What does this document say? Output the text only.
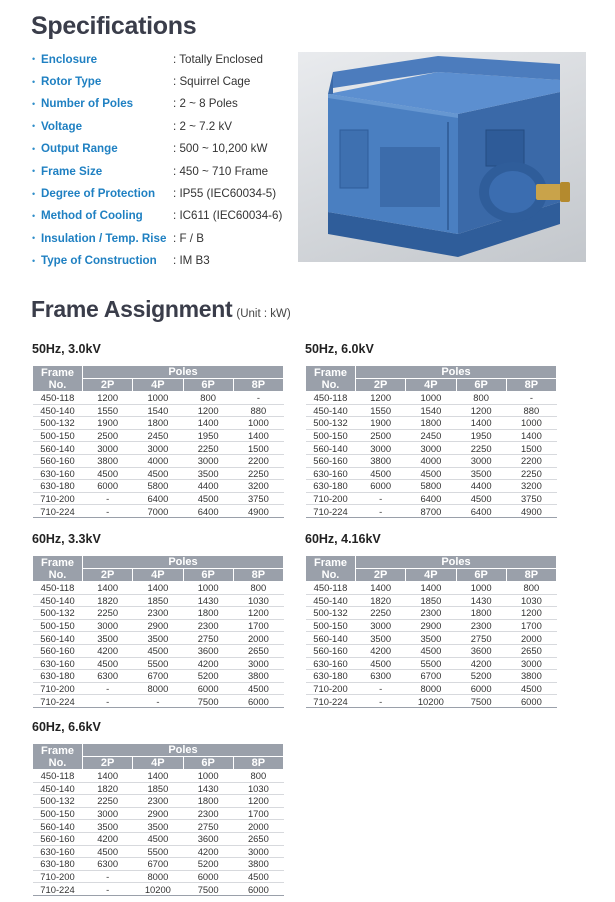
Specifications
• Enclosure	: Totally Enclosed
• Rotor Type	: Squirrel Cage
• Number of Poles	: 2 ~ 8 Poles
• Voltage	: 2 ~ 7.2 kV
• Output Range	: 500 ~ 10,200 kW
• Frame Size	: 450 ~ 710 Frame
• Degree of Protection	: IP55 (IEC60034-5)
• Method of Cooling	: IC611 (IEC60034-6)
• Insulation / Temp. Rise : F / B
• Type of Construction	: IM B3
Frame Assignment (Unit : kW)
50Hz, 3.0kV
Frame No.	Poles			
	2P	4P	6P	8P
450-118	1200	1000	800	-
450-140	1550	1540	1200	880
500-132	1900	1800	1400	1000
500-150	2500	2450	1950	1400
560-140	3000	3000	2250	1500
560-160	3800	4000	3000	2200
630-160	4500	4500	3500	2250
630-180	6000	5800	4400	3200
710-200	-	6400	4500	3750
710-224	-	7000	6400	4900
50Hz, 6.0kV
Frame No.	Poles			
	2P	4P	6P	8P
450-118	1200	1000	800	-
450-140	1550	1540	1200	880
500-132	1900	1800	1400	1000
500-150	2500	2450	1950	1400
560-140	3000	3000	2250	1500
560-160	3800	4000	3000	2200
630-160	4500	4500	3500	2250
630-180	6000	5800	4400	3200
710-200	-	6400	4500	3750
710-224	-	8700	6400	4900
60Hz, 3.3kV
Frame No.	Poles			
	2P	4P	6P	8P
450-118	1400	1400	1000	800
450-140	1820	1850	1430	1030
500-132	2250	2300	1800	1200
500-150	3000	2900	2300	1700
560-140	3500	3500	2750	2000
560-160	4200	4500	3600	2650
630-160	4500	5500	4200	3000
630-180	6300	6700	5200	3800
710-200	-	8000	6000	4500
710-224	-	-	7500	6000
60Hz, 4.16kV
Frame No.	Poles			
	2P	4P	6P	8P
450-118	1400	1400	1000	800
450-140	1820	1850	1430	1030
500-132	2250	2300	1800	1200
500-150	3000	2900	2300	1700
560-140	3500	3500	2750	2000
560-160	4200	4500	3600	2650
630-160	4500	5500	4200	3000
630-180	6300	6700	5200	3800
710-200	-	8000	6000	4500
710-224	-	10200	7500	6000
60Hz, 6.6kV
Frame No.	Poles			
	2P	4P	6P	8P
450-118	1400	1400	1000	800
450-140	1820	1850	1430	1030
500-132	2250	2300	1800	1200
500-150	3000	2900	2300	1700
560-140	3500	3500	2750	2000
560-160	4200	4500	3600	2650
630-160	4500	5500	4200	3000
630-180	6300	6700	5200	3800
710-200	-	8000	6000	4500
710-224	-	10200	7500	6000
